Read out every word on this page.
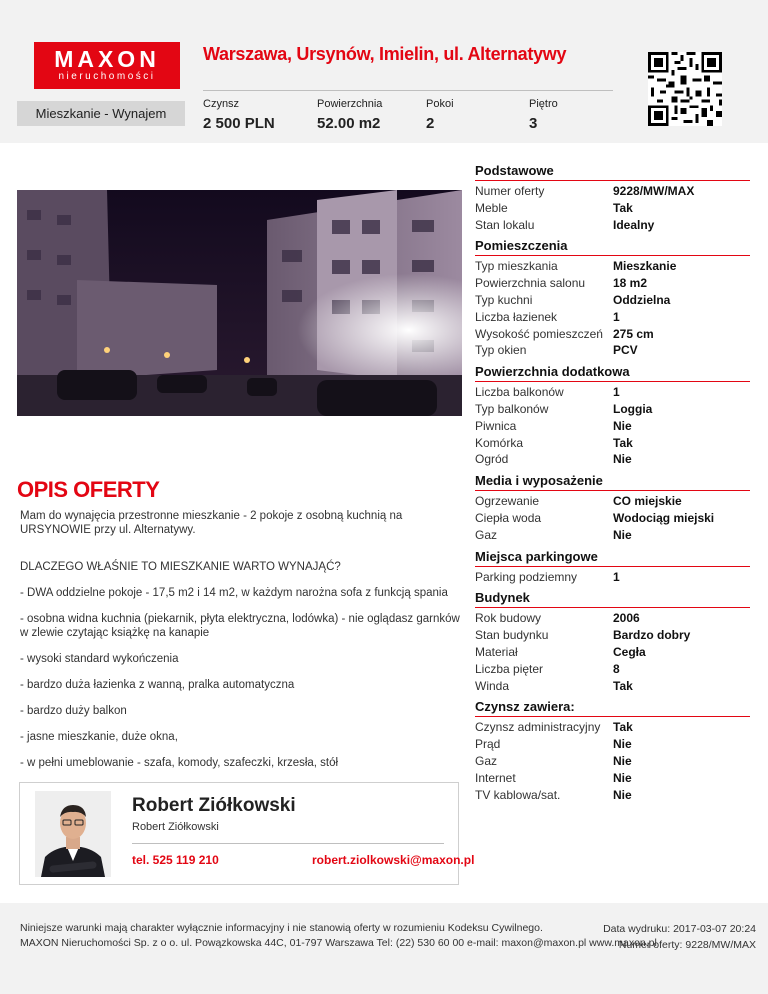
MAXON
nieruchomości
Warszawa, Ursynów, Imielin, ul. Alternatywy
Mieszkanie - Wynajem
Czynsz
2 500 PLN
Powierzchnia
52.00 m2
Pokoi
2
Piętro
3
OPIS OFERTY

Mam do wynajęcia przestronne mieszkanie - 2 pokoje z osobną kuchnią na URSYNOWIE przy ul. Alternatywy.

DLACZEGO WŁAŚNIE TO MIESZKANIE WARTO WYNAJĄĆ?

- DWA oddzielne pokoje - 17,5 m2 i 14 m2, w każdym narożna sofa z funkcją spania

- osobna widna kuchnia (piekarnik, płyta elektryczna, lodówka) - nie oglądasz garnków w zlewie czytając książkę na kanapie

- wysoki standard wykończenia

- bardzo duża łazienka z wanną, pralka automatyczna

- bardzo duży balkon

- jasne mieszkanie, duże okna,

- w pełni umeblowanie - szafa, komody, szafeczki, krzesła, stół

Robert Ziółkowski
Robert Ziółkowski
tel. 525 119 210	robert.ziolkowski@maxon.pl
Podstawowe
Numer oferty	9228/MW/MAX
Meble	Tak
Stan lokalu	Idealny
Pomieszczenia
Typ mieszkania	Mieszkanie
Powierzchnia salonu	18 m2
Typ kuchni	Oddzielna
Liczba łazienek	1
Wysokość pomieszczeń 275 cm
Typ okien	PCV
Powierzchnia dodatkowa
Liczba balkonów	1
Typ balkonów	Loggia
Piwnica	Nie
Komórka	Tak
Ogród	Nie
Media i wyposażenie
Ogrzewanie	CO miejskie
Ciepła woda	Wodociąg miejski
Gaz	Nie
Miejsca parkingowe
Parking podziemny	1
Budynek
Rok budowy	2006
Stan budynku	Bardzo dobry
Materiał	Cegła
Liczba pięter	8
Winda	Tak
Czynsz zawiera:
Czynsz administracyjny	Tak
Prąd	Nie
Gaz	Nie
Internet	Nie
TV kablowa/sat.	Nie
Niniejsze warunki mają charakter wyłącznie informacyjny i nie stanowią oferty w rozumieniu Kodeksu Cywilnego.
MAXON Nieruchomości Sp. z o o. ul. Powązkowska 44C, 01-797 Warszawa Tel: (22) 530 60 00 e-mail: maxon@maxon.pl www.maxon.pl
Data wydruku: 2017-03-07 20:24
Numer oferty: 9228/MW/MAX
